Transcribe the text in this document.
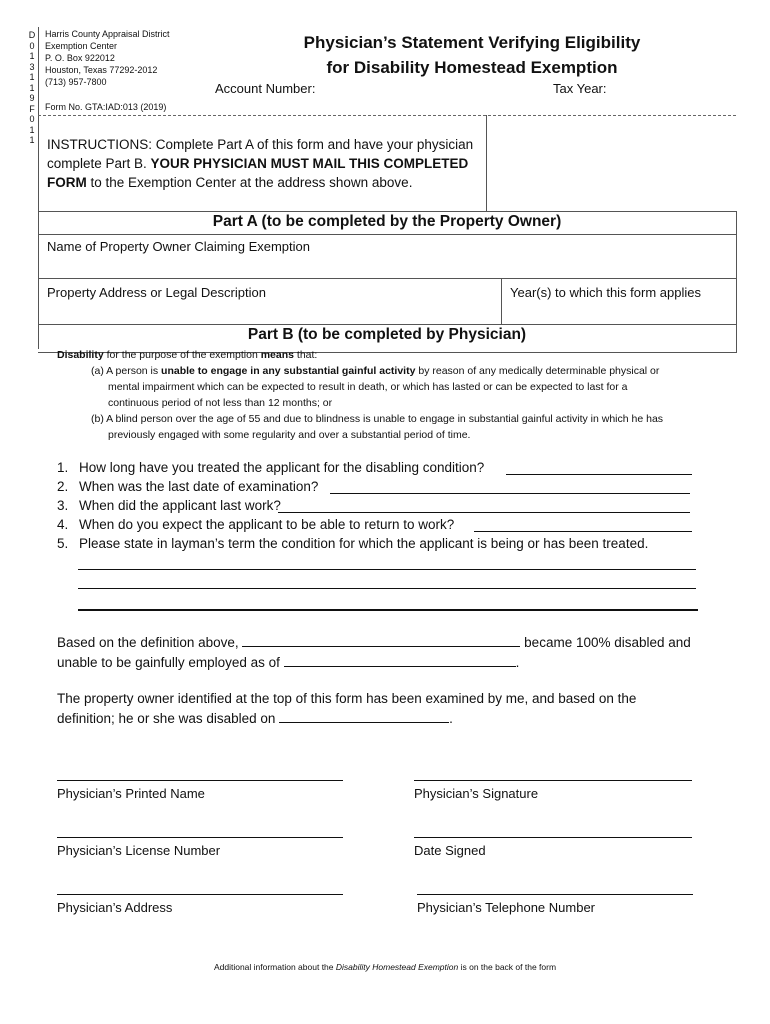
D
0
1
3
1
1
9
F
0
1
1
Harris County Appraisal District
Exemption Center
P. O. Box 922012
Houston, Texas 77292-2012
(713) 957-7800
Form No. GTA:IAD:013 (2019)
Physician’s Statement Verifying Eligibility
for Disability Homestead Exemption
Account Number:	Tax Year:
INSTRUCTIONS: Complete Part A of this form and have your physician complete Part B. YOUR PHYSICIAN MUST MAIL THIS COMPLETED FORM to the Exemption Center at the address shown above.
Part A (to be completed by the Property Owner)
Name of Property Owner Claiming Exemption
Property Address or Legal Description	Year(s) to which this form applies
Part B (to be completed by Physician)
Disability for the purpose of the exemption means that:
(a) A person is unable to engage in any substantial gainful activity by reason of any medically determinable physical or
mental impairment which can be expected to result in death, or which has lasted or can be expected to last for a
continuous period of not less than 12 months; or
(b) A blind person over the age of 55 and due to blindness is unable to engage in substantial gainful activity in which he has
previously engaged with some regularity and over a substantial period of time.
1. How long have you treated the applicant for the disabling condition?
2. When was the last date of examination?
3. When did the applicant last work?
4. When do you expect the applicant to be able to return to work?
5. Please state in layman’s term the condition for which the applicant is being or has been treated.
Based on the definition above,	became 100% disabled and
unable to be gainfully employed as of	.
The property owner identified at the top of this form has been examined by me, and based on the
definition; he or she was disabled on	.
Physician’s Printed Name	Physician’s Signature
Physician’s License Number	Date Signed
Physician’s Address	Physician’s Telephone Number
Additional information about the Disability Homestead Exemption is on the back of the form
